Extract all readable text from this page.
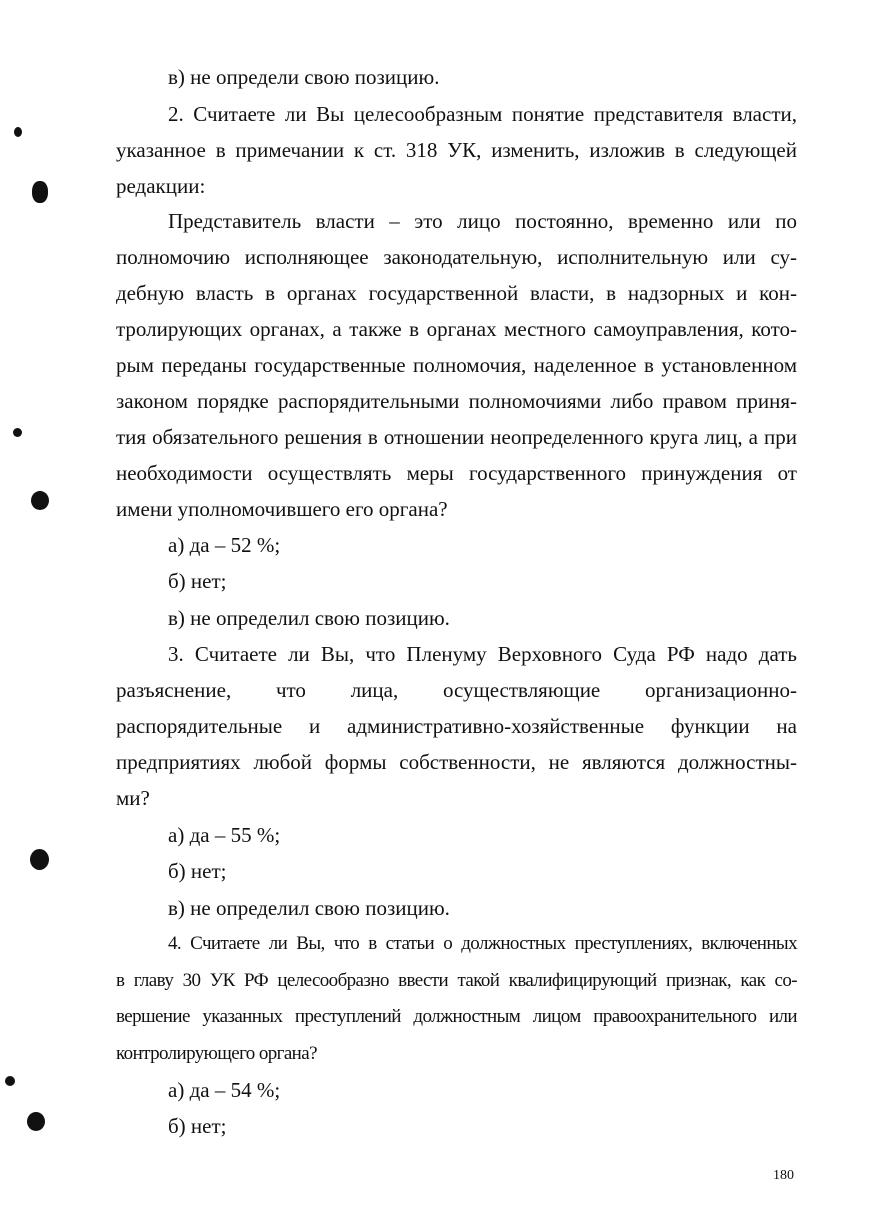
в) не определи свою позицию.
2. Считаете ли Вы целесообразным понятие представителя власти,
указанное в примечании к ст. 318 УК, изменить, изложив в следующей
редакции:
Представитель власти – это лицо постоянно, временно или по
полномочию исполняющее законодательную, исполнительную или су-
дебную власть в органах государственной власти, в надзорных и кон-
тролирующих органах, а также в органах местного самоуправления, кото-
рым переданы государственные полномочия, наделенное в установленном
законом порядке распорядительными полномочиями либо правом приня-
тия обязательного решения в отношении неопределенного круга лиц, а при
необходимости осуществлять меры государственного принуждения от
имени уполномочившего его органа?
а) да – 52 %;
б) нет;
в) не определил свою позицию.
3. Считаете ли Вы, что Пленуму Верховного Суда РФ надо дать
разъяснение, что лица, осуществляющие организационно-
распорядительные и административно-хозяйственные функции на
предприятиях любой формы собственности, не являются должностны-
ми?
а) да – 55 %;
б) нет;
в) не определил свою позицию.
4. Считаете ли Вы, что в статьи о должностных преступлениях, включенных
в главу 30 УК РФ целесообразно ввести такой квалифицирующий признак, как со-
вершение указанных преступлений должностным лицом правоохранительного или
контролирующего органа?
а) да – 54 %;
б) нет;
180
